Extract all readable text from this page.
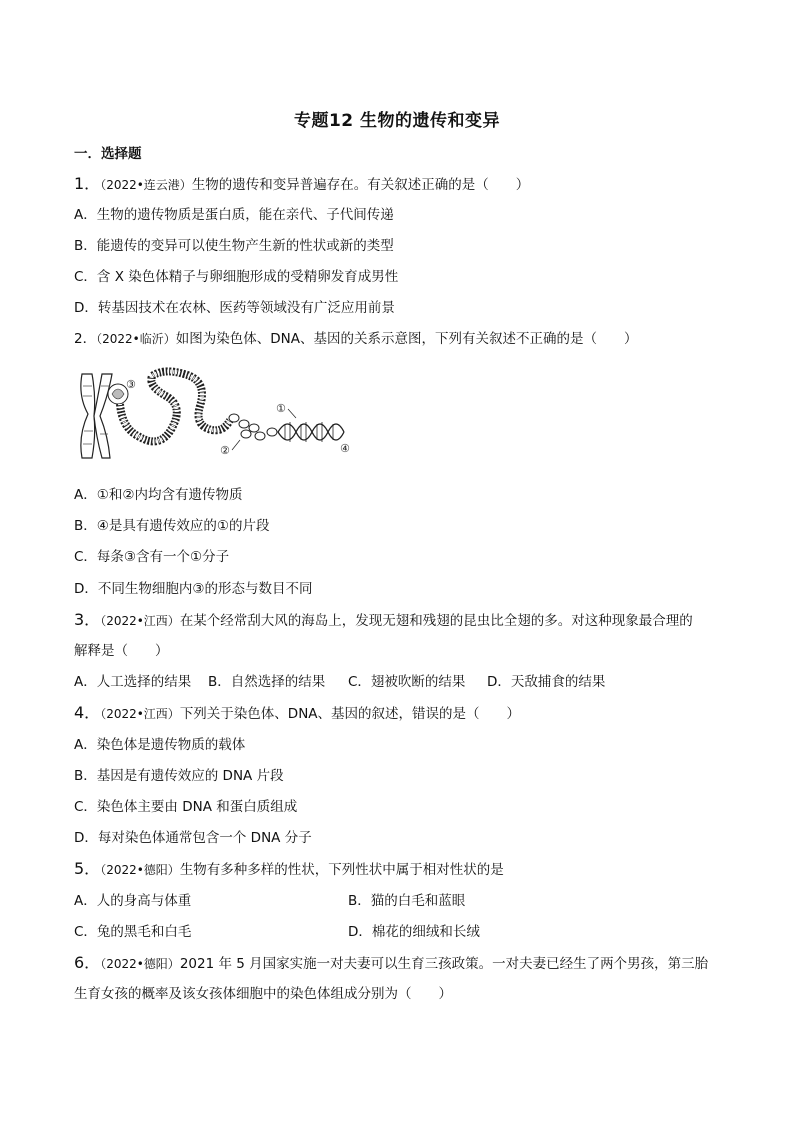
专题12 生物的遗传和变异
一．选择题
1．（2022•连云港）生物的遗传和变异普遍存在。有关叙述正确的是（　　）
A．生物的遗传物质是蛋白质，能在亲代、子代间传递
B．能遗传的变异可以使生物产生新的性状或新的类型
C．含 X 染色体精子与卵细胞形成的受精卵发育成男性
D．转基因技术在农林、医药等领域没有广泛应用前景
2．（2022•临沂）如图为染色体、DNA、基因的关系示意图，下列有关叙述不正确的是（　　）
③
①
②	④
A．①和②内均含有遗传物质
B．④是具有遗传效应的①的片段
C．每条③含有一个①分子
D．不同生物细胞内③的形态与数目不同
3．（2022•江西）在某个经常刮大风的海岛上，发现无翅和残翅的昆虫比全翅的多。对这种现象最合理的
解释是（　　）
A．人工选择的结果 B．自然选择的结果 C．翅被吹断的结果 D．天敌捕食的结果
4．（2022•江西）下列关于染色体、DNA、基因的叙述，错误的是（　　）
A．染色体是遗传物质的载体
B．基因是有遗传效应的 DNA 片段
C．染色体主要由 DNA 和蛋白质组成
D．每对染色体通常包含一个 DNA 分子
5．（2022•德阳）生物有多种多样的性状，下列性状中属于相对性状的是
A．人的身高与体重	B．猫的白毛和蓝眼
C．兔的黑毛和白毛	D．棉花的细绒和长绒
6．（2022•德阳）2021 年 5 月国家实施一对夫妻可以生育三孩政策。一对夫妻已经生了两个男孩，第三胎
生育女孩的概率及该女孩体细胞中的染色体组成分别为（　　）
